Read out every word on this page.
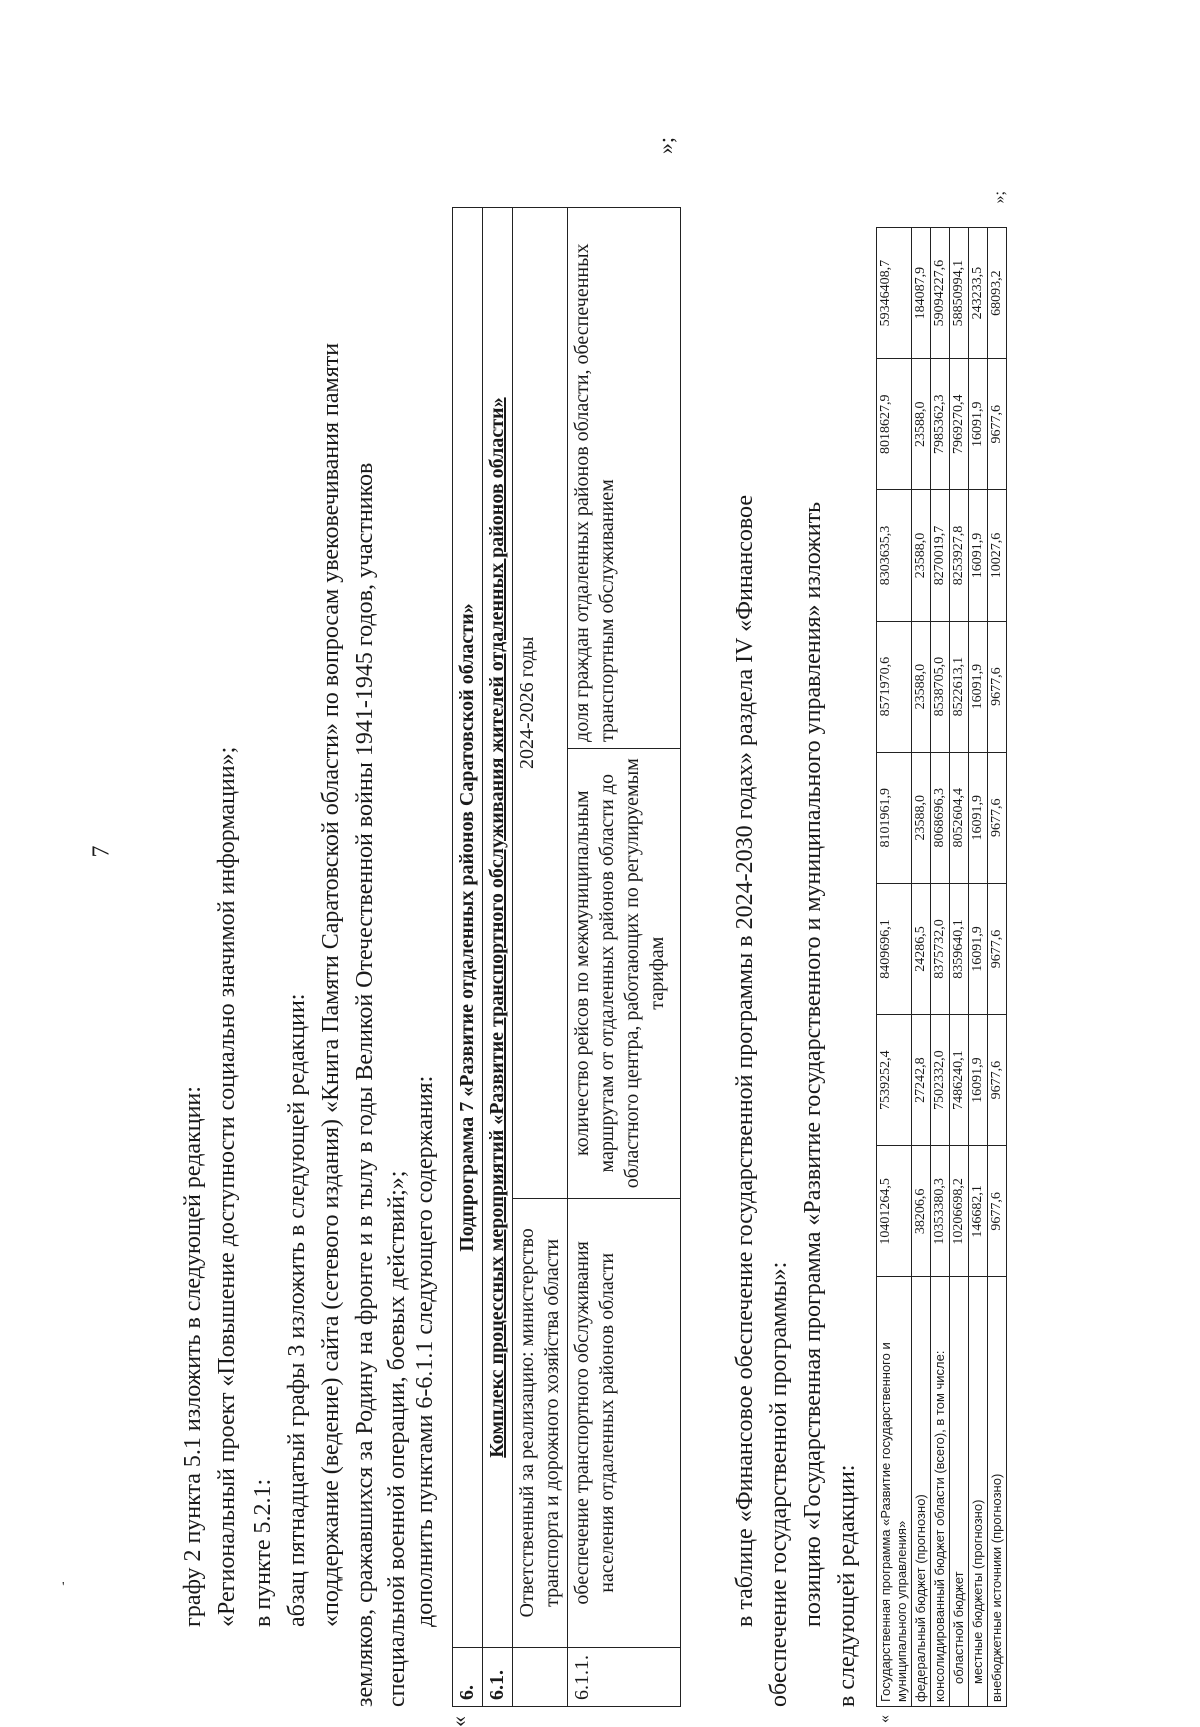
7
графу 2 пункта 5.1 изложить в следующей редакции: «Региональный проект «Повышение доступности социально значимой информации»; в пункте 5.2.1: абзац пятнадцатый графы 3 изложить в следующей редакции: «поддержание (ведение) сайта (сетевого издания) «Книга Памяти Саратовской области» по вопросам увековечивания памяти земляков, сражавшихся за Родину на фронте и в тылу в годы Великой Отечественной войны 1941-1945 годов, участников специальной военной операции, боевых действий;»; дополнить пунктами 6-6.1.1 следующего содержания:
«
6.	Подпрограмма 7 «Развитие отдаленных районов Саратовской области»		
6.1.	Комплекс процессных мероприятий «Развитие транспортного обслуживания жителей отдаленных районов области»		
	Ответственный за реализацию: министерство транспорта и дорожного хозяйства области	2024-2026 годы	
6.1.1.	обеспечение транспортного обслуживания населения отдаленных районов области	количество рейсов по межмуниципальным маршрутам от отдаленных районов области до областного центра, работающих по регулируемым тарифам	доля граждан отдаленных районов области, обеспеченных транспортным обслуживанием
»;
в таблице «Финансовое обеспечение государственной программы в 2024-2030 годах» раздела IV «Финансовое обеспечение государственной программы»: позицию «Государственная программа «Развитие государственного и муниципального управления» изложить в следующей редакции:
«
Государственная программа «Развитие государственного и муниципального управления»	10401264,5	7539252,4	8409696,1	8101961,9	8571970,6	8303635,3	8018627,9	59346408,7
федеральный бюджет (прогнозно)	38206,6	27242,8	24286,5	23588,0	23588,0	23588,0	23588,0	184087,9
консолидированный бюджет области (всего), в том числе:	10353380,3	7502332,0	8375732,0	8068696,3	8538705,0	8270019,7	7985362,3	59094227,6
областной бюджет	10206698,2	7486240,1	8359640,1	8052604,4	8522613,1	8253927,8	7969270,4	58850994,1
местные бюджеты (прогнозно)	146682,1	16091,9	16091,9	16091,9	16091,9	16091,9	16091,9	243233,5
внебюджетные источники (прогнозно)	9677,6	9677,6	9677,6	9677,6	9677,6	10027,6	9677,6	68093,2
»;
'
